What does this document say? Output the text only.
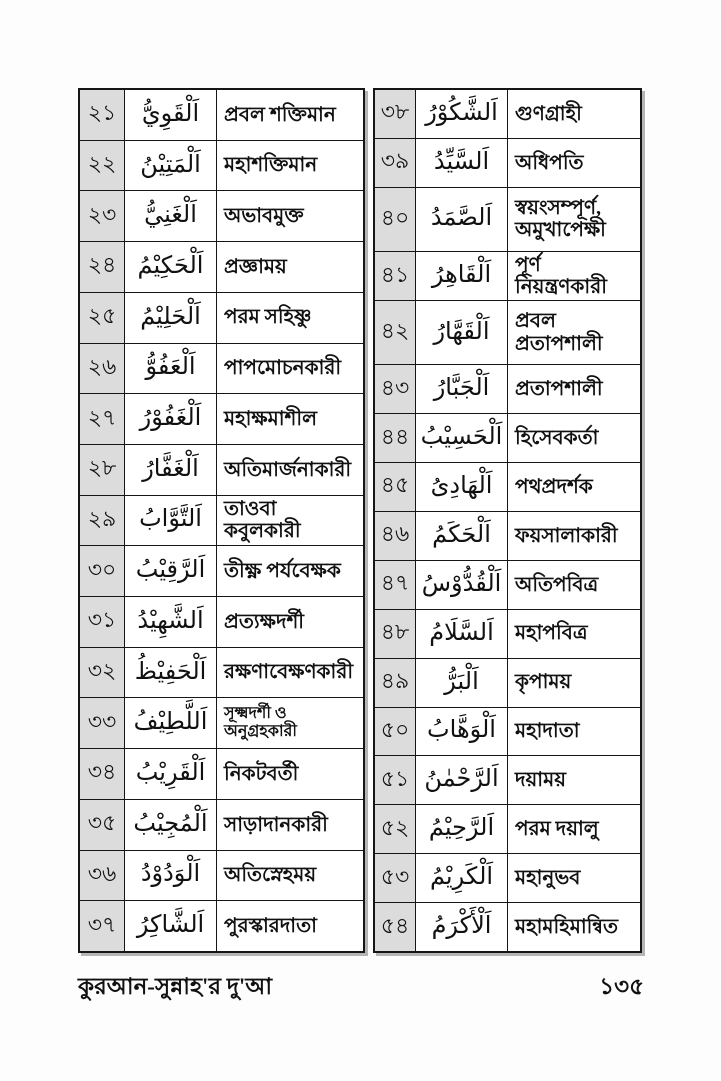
২১	اَلْقَوِيُّ	প্রবল শক্তিমান
২২ اَلْمَتِيْنُ	মহাশক্তিমান
২৩	اَلْغَنِيُّ	অভাবমুক্ত
২৪ اَلْحَكِيْمُ	প্রজ্ঞাময়
২৫ اَلْحَلِيْمُ	পরম সহিষ্ণু
২৬	اَلْعَفُوُّ	পাপমোচনকারী
২৭ اَلْغَفُوْرُ	মহাক্ষমাশীল
২৮	اَلْغَفَّارُ	অতিমার্জনাকারী
২৯ اَلتَّوَّابُ	তাওবা কবুলকারী
৩০ اَلرَّقِيْبُ তীক্ষ্ণ পর্যবেক্ষক
৩১ اَلشَّهِيْدُ	প্রত্যক্ষদর্শী
৩২ اَلْحَفِيْظُ রক্ষণাবেক্ষণকারী
৩৩ اَللَّطِيْفُ	সূক্ষ্মদর্শী ও অনুগ্রহকারী
৩৪ اَلْقَرِيْبُ নিকটবর্তী
৩৫ اَلْمُجِيْبُ সাড়াদানকারী
৩৬	اَلْوَدُوْدُ	অতিস্নেহময়
৩৭ اَلشَّاكِرُ পুরস্কারদাতা
৩৮ اَلشَّكُوْرُ গুণগ্রাহী
৩৯	اَلسَّيِّدُ	অধিপতি
৪০ اَلصَّمَدُ	স্বয়ংসম্পূর্ণ, অমুখাপেক্ষী
৪১ اَلْقَاهِرُ	পূর্ণ নিয়ন্ত্রণকারী
৪২	اَلْقَهَّارُ	প্রবল প্রতাপশালী
৪৩	اَلْجَبَّارُ	প্রতাপশালী
৪৪ اَلْحَسِيْبُ হিসেবকর্তা
৪৫ اَلْهَادِىُ	পথপ্রদর্শক
৪৬ اَلْحَكَمُ	ফয়সালাকারী
৪৭ اَلْقُدُّوْسُ অতিপবিত্র
৪৮ اَلسَّلَامُ	মহাপবিত্র
৪৯	اَلْبَرُّ	কৃপাময়
৫০ اَلْوَهَّابُ মহাদাতা
৫১ اَلرَّحْمٰنُ দয়াময়
৫২ اَلرَّحِيْمُ	পরম দয়ালু
৫৩ اَلْكَرِيْمُ	মহানুভব
৫৪ اَلْأَكْرَمُ	মহামহিমান্বিত
কুরআন-সুন্নাহ'র দু'আ	১৩৫
